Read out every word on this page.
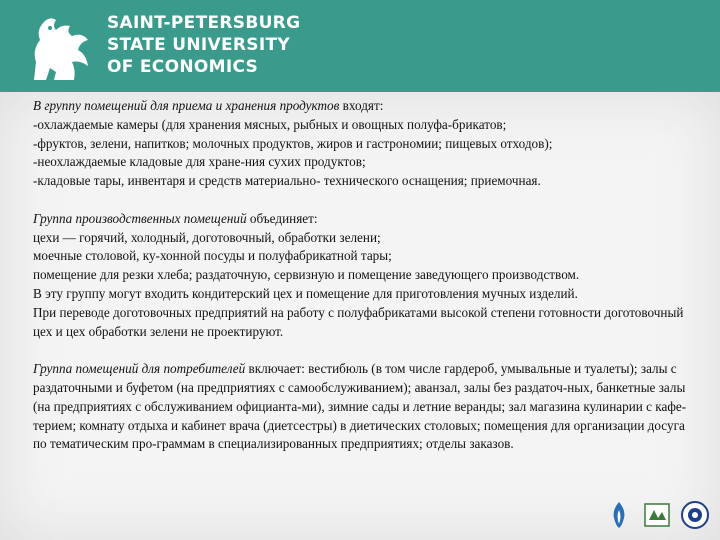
SAINT-PETERSBURG
STATE UNIVERSITY
OF ECONOMICS

В группу помещений для приема и хранения продуктов входят:

-охлаждаемые камеры (для хранения мясных, рыбных и овощных полуфа-брикатов;

-фруктов, зелени, напитков; молочных продуктов, жиров и гастрономии; пищевых отходов);

-неохлаждаемые кладовые для хране-ния сухих продуктов;

-кладовые тары, инвентаря и средств материально- технического оснащения; приемочная.

Группа производственных помещений объединяет:

цехи — горячий, холодный, доготовочный, обработки зелени;

моечные столовой, ку-хонной посуды и полуфабрикатной тары;

помещение для резки хлеба; раздаточную, сервизную и помещение заведующего производством.

В эту группу могут входить кондитерский цех и помещение для приготовления мучных изделий.

При переводе доготовочных предприятий на работу с полуфабрикатами высокой степени готовности доготовочный цех и цех обработки зелени не проектируют.

Группа помещений для потребителей включает: вестибюль (в том числе гардероб, умывальные и туалеты); залы с раздаточными и буфетом (на предприятиях с самообслуживанием); аванзал, залы без раздаточ-ных, банкетные залы (на предприятиях с обслуживанием официанта-ми), зимние сады и летние веранды; зал магазина кулинарии с кафе-терием; комнату отдыха и кабинет врача (диетсестры) в диетических столовых; помещения для организации досуга по тематическим про-граммам в специализированных предприятиях; отделы заказов.
